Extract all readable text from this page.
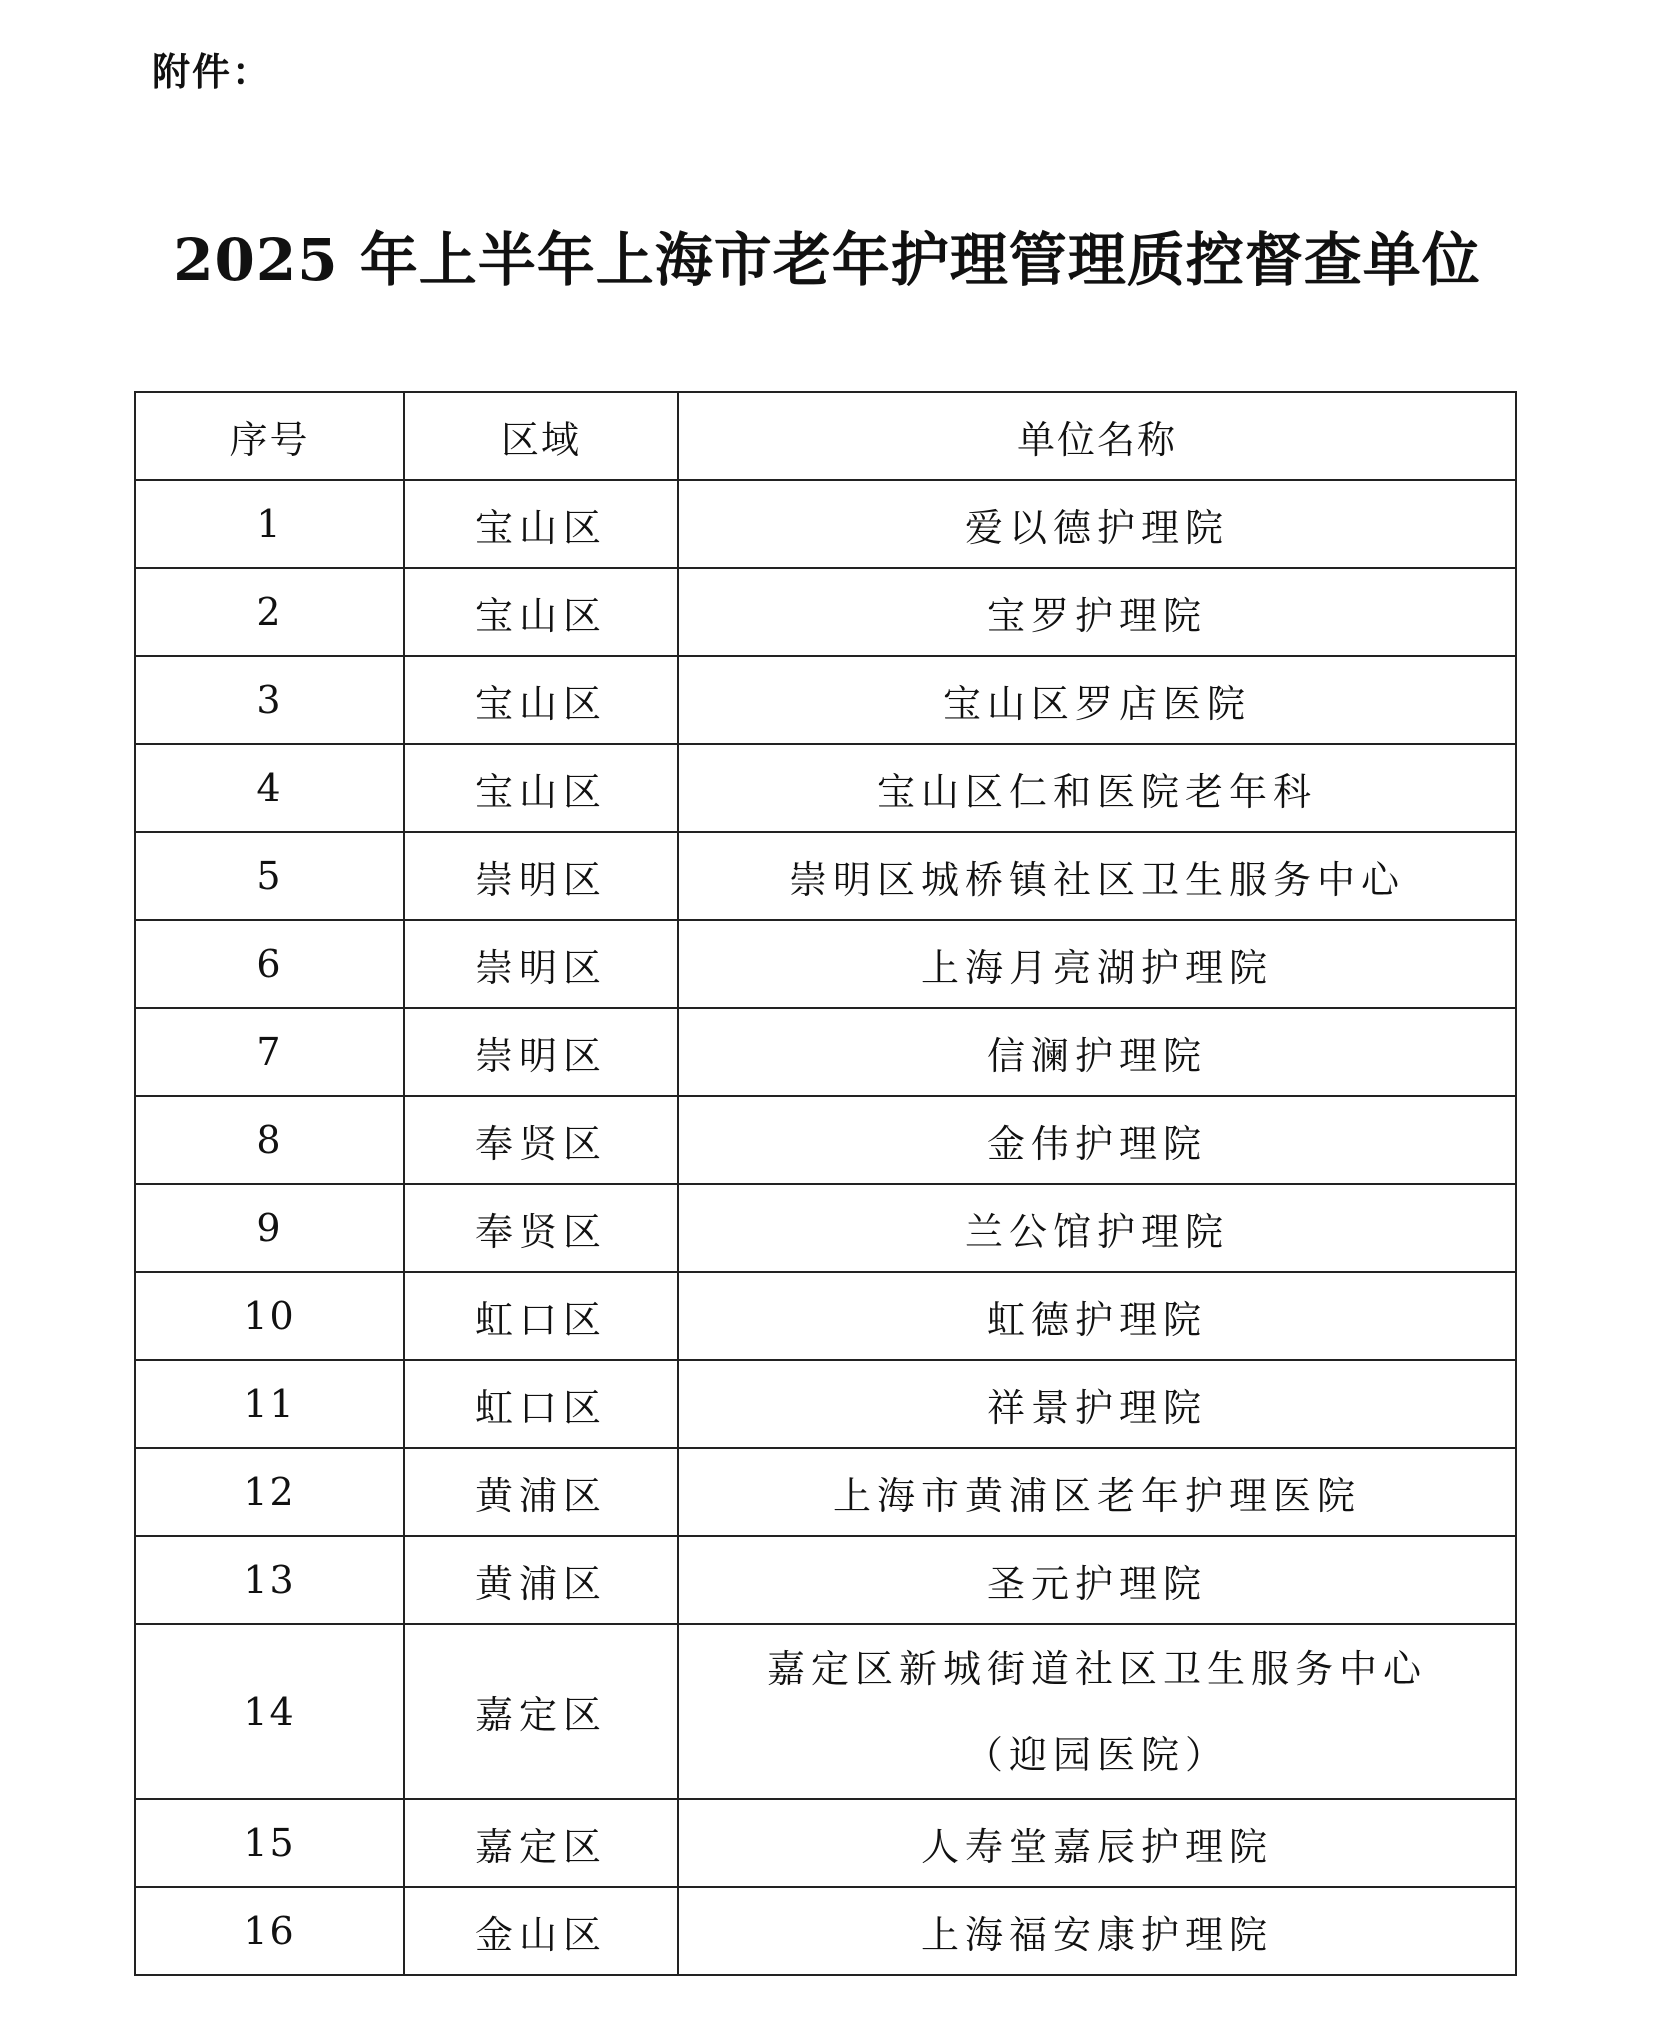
附件：
2025 年上半年上海市老年护理管理质控督查单位
序号	区域	单位名称
1	宝山区	爱以德护理院
2	宝山区	宝罗护理院
3	宝山区	宝山区罗店医院
4	宝山区	宝山区仁和医院老年科
5	崇明区	崇明区城桥镇社区卫生服务中心
6	崇明区	上海月亮湖护理院
7	崇明区	信澜护理院
8	奉贤区	金伟护理院
9	奉贤区	兰公馆护理院
10	虹口区	虹德护理院
11	虹口区	祥景护理院
12	黄浦区	上海市黄浦区老年护理医院
13	黄浦区	圣元护理院
14	嘉定区	嘉定区新城街道社区卫生服务中心
（迎园医院）

15	嘉定区	人寿堂嘉辰护理院
16	金山区	上海福安康护理院
